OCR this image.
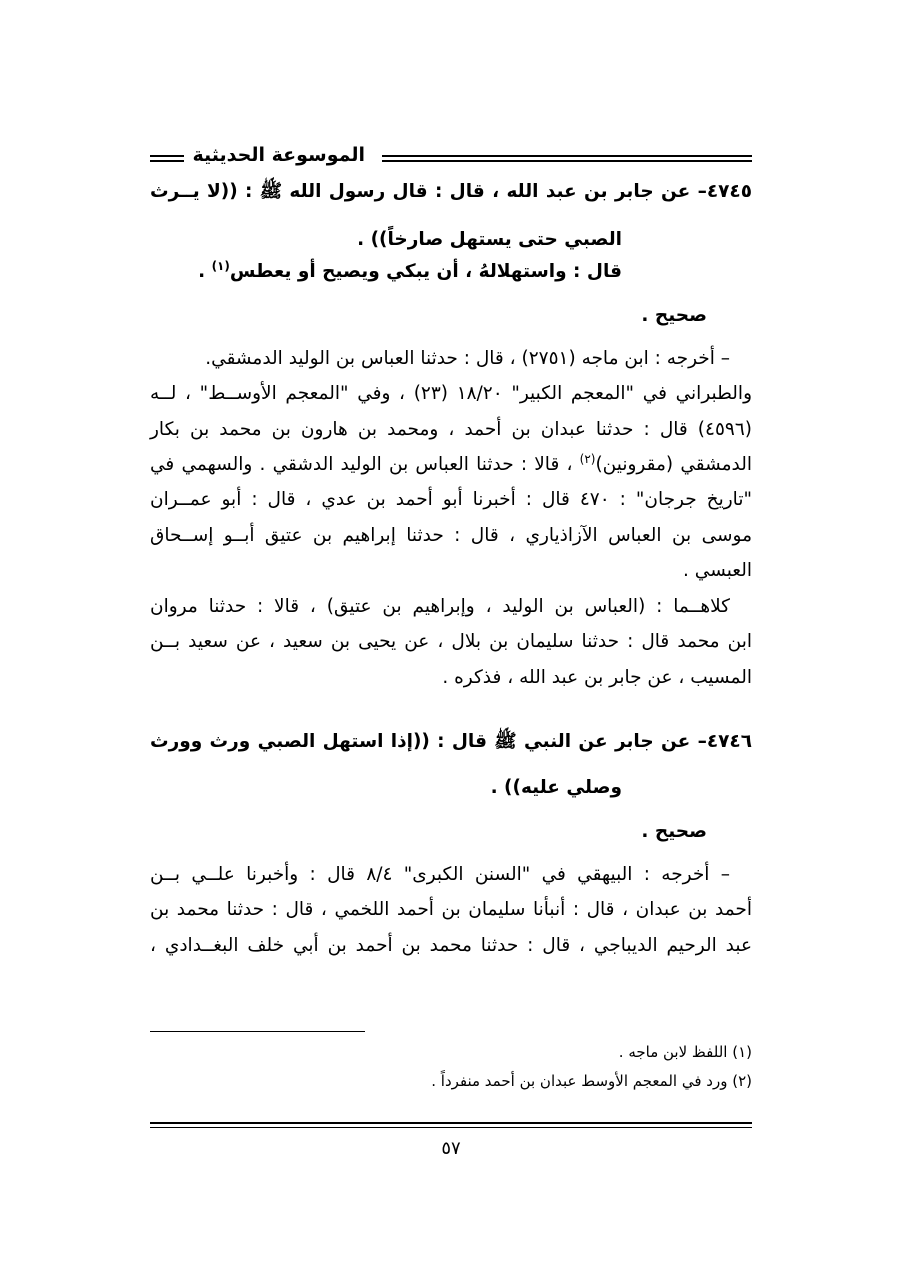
الموسوعة الحديثية
٤٧٤٥– عن جابر بن عبد الله ، قال : قال رسول الله ﷺ : ((لا يــرث
الصبي حتى يستهل صارخاً)) .
قال : واستهلالهُ ، أن يبكي ويصيح أو يعطس$^{(١)}$ .
صحيح .
– أخرجه : ابن ماجه (٢٧٥١) ، قال : حدثنا العباس بن الوليد الدمشقي.
والطبراني في "المعجم الكبير" ١٨/٢٠ (٢٣) ، وفي "المعجم الأوســط" ، لــه
(٤٥٩٦) قال : حدثنا عبدان بن أحمد ، ومحمد بن هارون بن محمد بن بكار
الدمشقي (مقرونين)$^{(٢)}$ ، قالا : حدثنا العباس بن الوليد الدشقي . والسهمي في
"تاريخ جرجان" : ٤٧٠ قال : أخبرنا أبو أحمد بن عدي ، قال : أبو عمــران
موسى بن العباس الآزاذياري ، قال : حدثنا إبراهيم بن عتيق أبــو إســحاق
العبسي .
كلاهــما : (العباس بن الوليد ، وإبراهيم بن عتيق) ، قالا : حدثنا مروان
ابن محمد قال : حدثنا سليمان بن بلال ، عن يحيى بن سعيد ، عن سعيد بــن
المسيب ، عن جابر بن عبد الله ، فذكره .
٤٧٤٦– عن جابر عن النبي ﷺ قال : ((إذا استهل الصبي ورث وورث
وصلي عليه)) .
صحيح .
– أخرجه : البيهقي في "السنن الكبرى" ٨/٤ قال : وأخبرنا علــي بــن
أحمد بن عبدان ، قال : أنبأنا سليمان بن أحمد اللخمي ، قال : حدثنا محمد بن
عبد الرحيم الديباجي ، قال : حدثنا محمد بن أحمد بن أبي خلف البغــدادي ،
(١) اللفظ لابن ماجه .
(٢) ورد في المعجم الأوسط عبدان بن أحمد منفرداً .
٥٧
